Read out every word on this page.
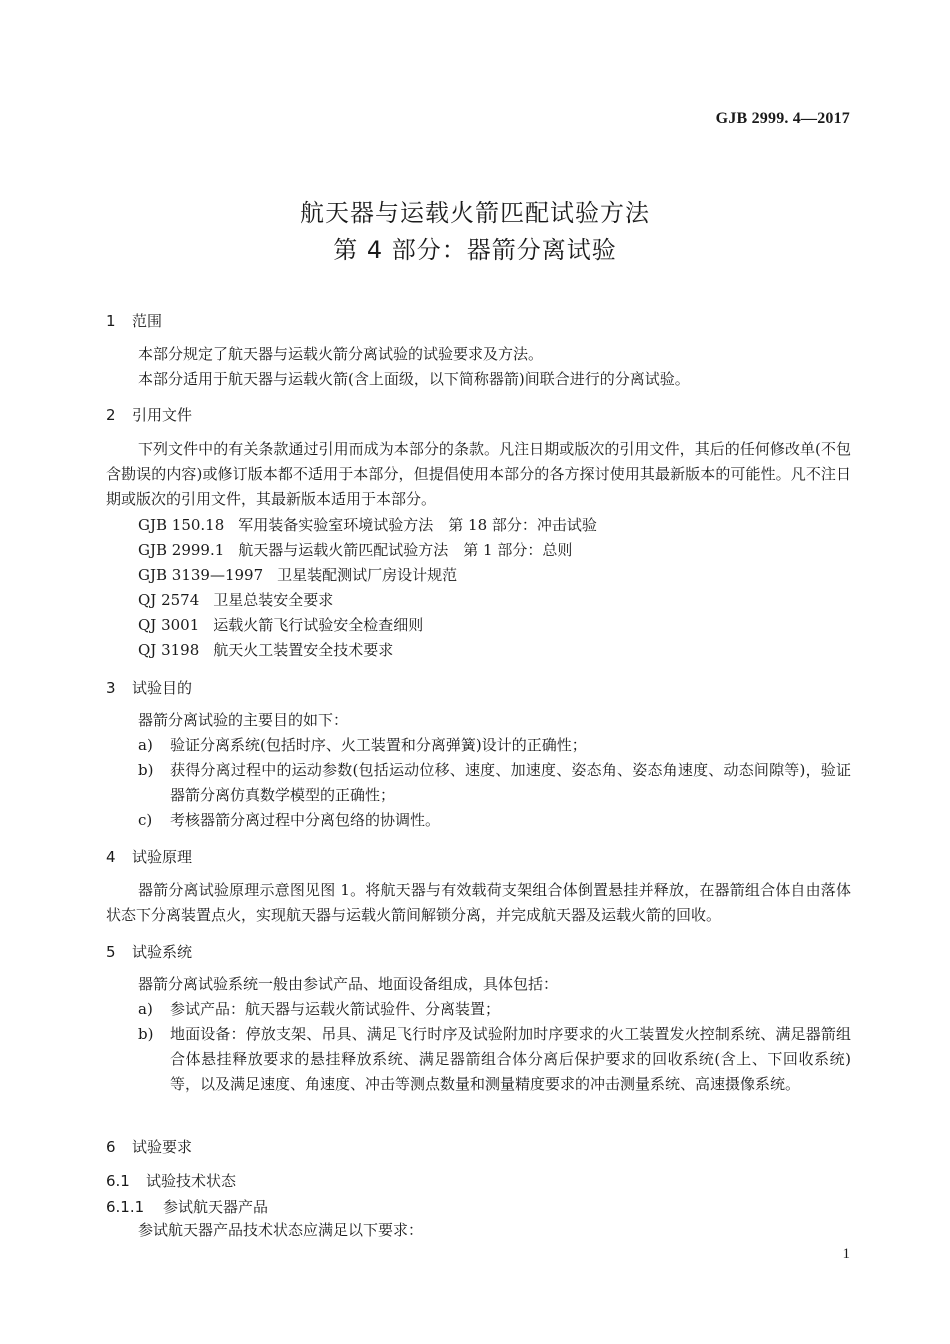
GJB 2999. 4—2017
航天器与运载火箭匹配试验方法
第 4 部分：器箭分离试验
1 范围
本部分规定了航天器与运载火箭分离试验的试验要求及方法。
本部分适用于航天器与运载火箭(含上面级，以下简称器箭)间联合进行的分离试验。
2 引用文件
下列文件中的有关条款通过引用而成为本部分的条款。凡注日期或版次的引用文件，其后的任何修改单(不包含勘误的内容)或修订版本都不适用于本部分，但提倡使用本部分的各方探讨使用其最新版本的可能性。凡不注日期或版次的引用文件，其最新版本适用于本部分。
GJB 150.18 军用装备实验室环境试验方法　第 18 部分：冲击试验
GJB 2999.1 航天器与运载火箭匹配试验方法　第 1 部分：总则
GJB 3139—1997 卫星装配测试厂房设计规范
QJ 2574 卫星总装安全要求
QJ 3001 运载火箭飞行试验安全检查细则
QJ 3198 航天火工装置安全技术要求
3 试验目的
器箭分离试验的主要目的如下：
a) 验证分离系统(包括时序、火工装置和分离弹簧)设计的正确性；
b) 获得分离过程中的运动参数(包括运动位移、速度、加速度、姿态角、姿态角速度、动态间隙等)，验证器箭分离仿真数学模型的正确性；
c) 考核器箭分离过程中分离包络的协调性。
4 试验原理
器箭分离试验原理示意图见图 1。将航天器与有效载荷支架组合体倒置悬挂并释放，在器箭组合体自由落体状态下分离装置点火，实现航天器与运载火箭间解锁分离，并完成航天器及运载火箭的回收。
5 试验系统
器箭分离试验系统一般由参试产品、地面设备组成，具体包括：
a) 参试产品：航天器与运载火箭试验件、分离装置；
b) 地面设备：停放支架、吊具、满足飞行时序及试验附加时序要求的火工装置发火控制系统、满足器箭组合体悬挂释放要求的悬挂释放系统、满足器箭组合体分离后保护要求的回收系统(含上、下回收系统)等，以及满足速度、角速度、冲击等测点数量和测量精度要求的冲击测量系统、高速摄像系统。
6 试验要求
6.1 试验技术状态
6.1.1 参试航天器产品
参试航天器产品技术状态应满足以下要求：
1
